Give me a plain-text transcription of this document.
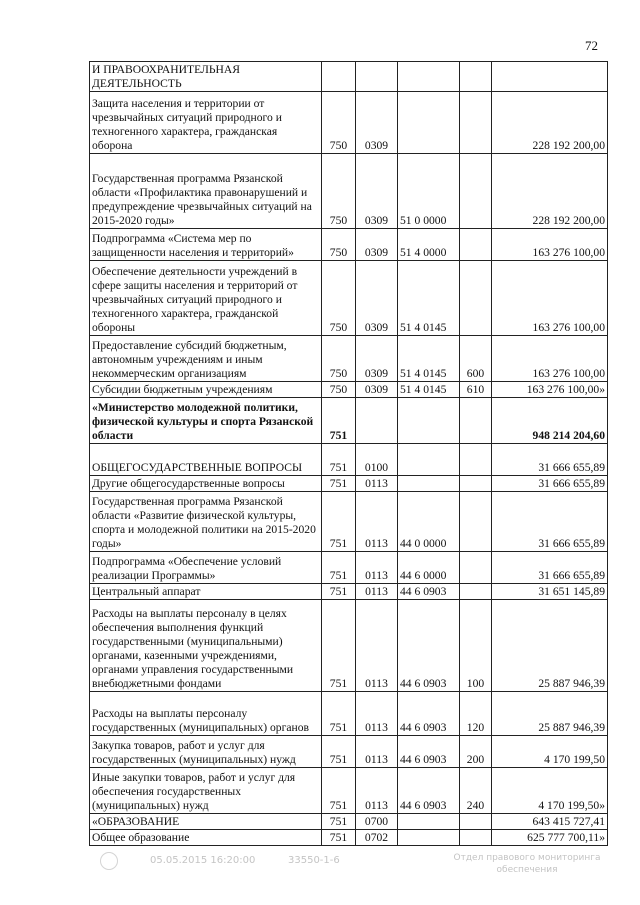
72
И ПРАВООХРАНИТЕЛЬНАЯ ДЕЯТЕЛЬНОСТЬ					
Защита населения и территории от чрезвычайных ситуаций природного и техногенного характера, гражданская оборона	750	0309			228 192 200,00
Государственная программа Рязанской области «Профилактика правонарушений и предупреждение чрезвычайных ситуаций на 2015-2020 годы»	750	0309	51 0 0000		228 192 200,00
Подпрограмма «Система мер по защищенности населения и территорий»	750	0309	51 4 0000		163 276 100,00
Обеспечение деятельности учреждений в сфере защиты населения и территорий от чрезвычайных ситуаций природного и техногенного характера, гражданской обороны	750	0309	51 4 0145		163 276 100,00
Предоставление субсидий бюджетным, автономным учреждениям и иным некоммерческим организациям	750	0309	51 4 0145	600	163 276 100,00
Субсидии бюджетным учреждениям	750	0309	51 4 0145	610	163 276 100,00»
«Министерство молодежной политики, физической культуры и спорта Рязанской области	751				948 214 204,60
ОБЩЕГОСУДАРСТВЕННЫЕ ВОПРОСЫ	751	0100			31 666 655,89
Другие общегосударственные вопросы	751	0113			31 666 655,89
Государственная программа Рязанской области «Развитие физической культуры, спорта и молодежной политики на 2015-2020 годы»	751	0113	44 0 0000		31 666 655,89
Подпрограмма «Обеспечение условий реализации Программы»	751	0113	44 6 0000		31 666 655,89
Центральный аппарат	751	0113	44 6 0903		31 651 145,89
Расходы на выплаты персоналу в целях обеспечения выполнения функций государственными (муниципальными) органами, казенными учреждениями, органами управления государственными внебюджетными фондами	751	0113	44 6 0903	100	25 887 946,39
Расходы на выплаты персоналу государственных (муниципальных) органов	751	0113	44 6 0903	120	25 887 946,39
Закупка товаров, работ и услуг для государственных (муниципальных) нужд	751	0113	44 6 0903	200	4 170 199,50
Иные закупки товаров, работ и услуг для обеспечения государственных (муниципальных) нужд	751	0113	44 6 0903	240	4 170 199,50»
«ОБРАЗОВАНИЕ	751	0700			643 415 727,41
Общее образование	751	0702			625 777 700,11»
05.05.2015 16:20:00	33550-1-6	Отдел правового мониторинга
обеспечения
